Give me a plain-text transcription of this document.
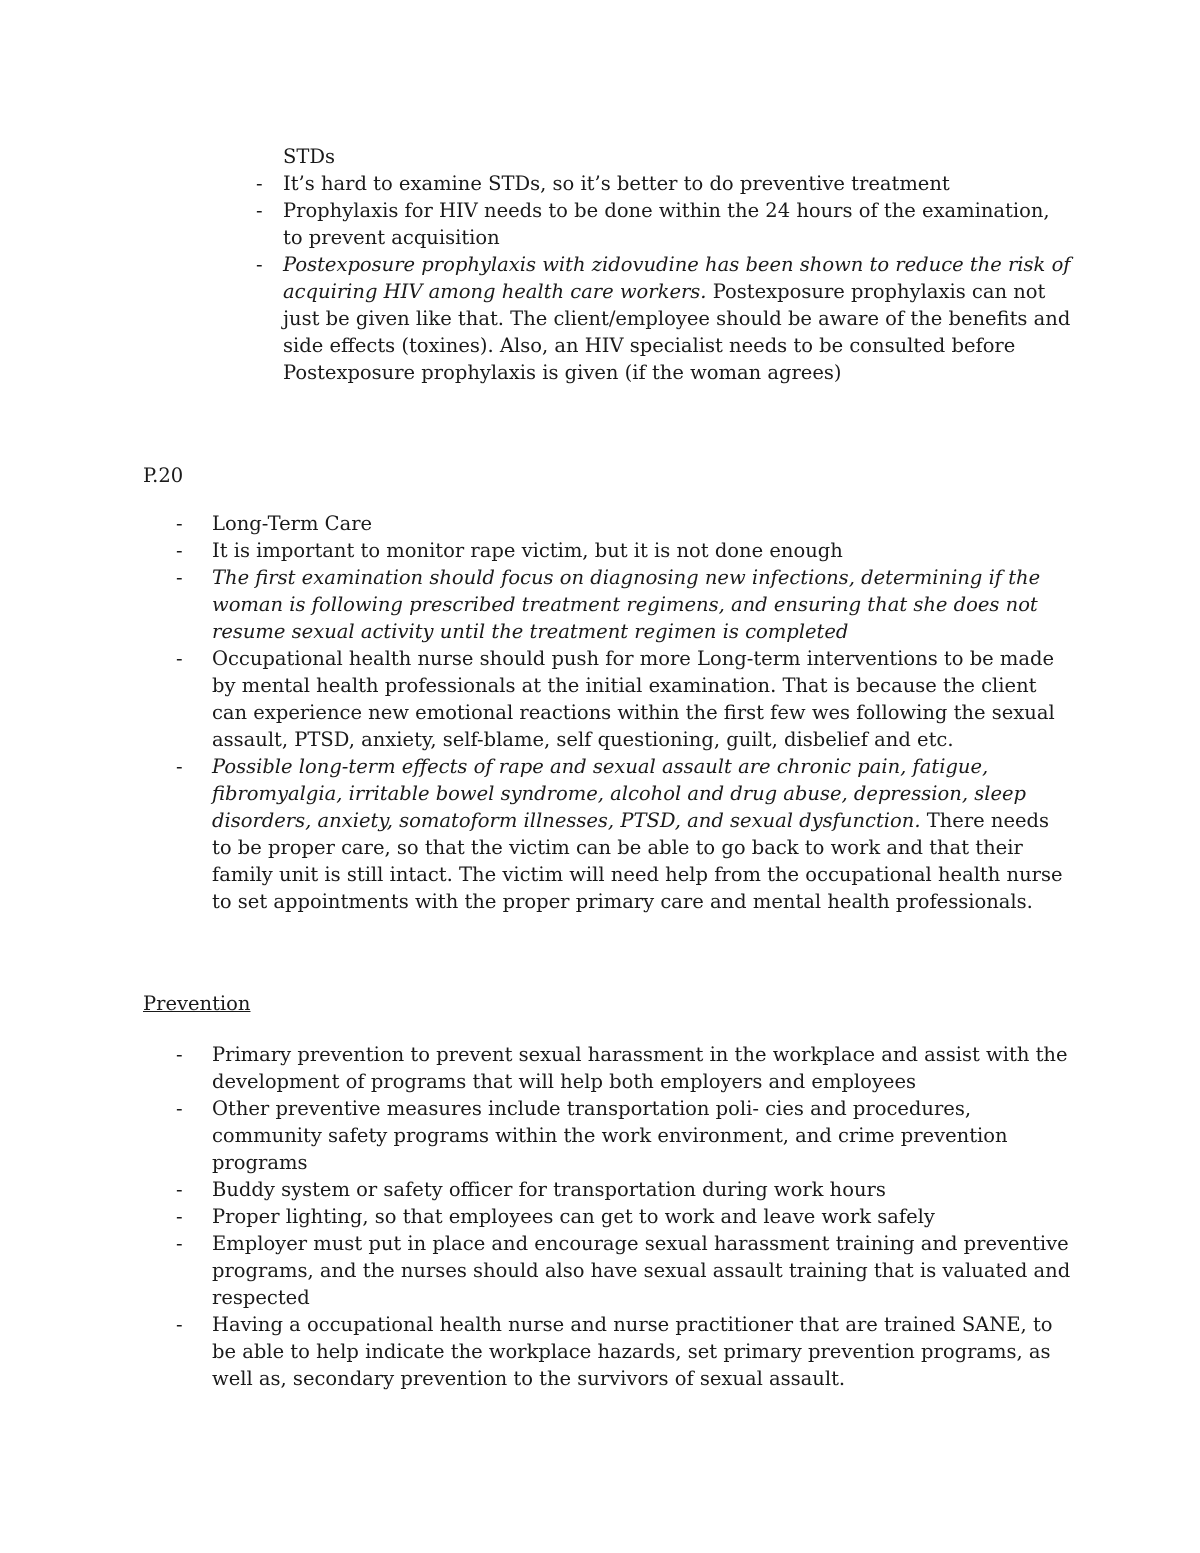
STDs

- It’s hard to examine STDs, so it’s better to do preventive treatment
- Prophylaxis for HIV needs to be done within the 24 hours of the examination, to prevent acquisition
- Postexposure prophylaxis with zidovudine has been shown to reduce the risk of acquiring HIV among health care workers. Postexposure prophylaxis can not just be given like that. The client/employee should be aware of the benefits and side effects (toxines). Also, an HIV specialist needs to be consulted before Postexposure prophylaxis is given (if the woman agrees)

P.20

- Long-Term Care
- It is important to monitor rape victim, but it is not done enough
- The first examination should focus on diagnosing new infections, determining if the woman is following prescribed treatment regimens, and ensuring that she does not resume sexual activity until the treatment regimen is completed
- Occupational health nurse should push for more Long-term interventions to be made by mental health professionals at the initial examination. That is because the client can experience new emotional reactions within the first few wes following the sexual assault, PTSD, anxiety, self-blame, self questioning, guilt, disbelief and etc.
- Possible long-term effects of rape and sexual assault are chronic pain, fatigue, fibromyalgia, irritable bowel syndrome, alcohol and drug abuse, depression, sleep disorders, anxiety, somatoform illnesses, PTSD, and sexual dysfunction. There needs to be proper care, so that the victim can be able to go back to work and that their family unit is still intact. The victim will need help from the occupational health nurse to set appointments with the proper primary care and mental health professionals.

Prevention

- Primary prevention to prevent sexual harassment in the workplace and assist with the development of programs that will help both employers and employees
- Other preventive measures include transportation poli- cies and procedures, community safety programs within the work environment, and crime prevention programs
- Buddy system or safety officer for transportation during work hours
- Proper lighting, so that employees can get to work and leave work safely
- Employer must put in place and encourage sexual harassment training and preventive programs, and the nurses should also have sexual assault training that is valuated and respected
- Having a occupational health nurse and nurse practitioner that are trained SANE, to be able to help indicate the workplace hazards, set primary prevention programs, as well as, secondary prevention to the survivors of sexual assault.
